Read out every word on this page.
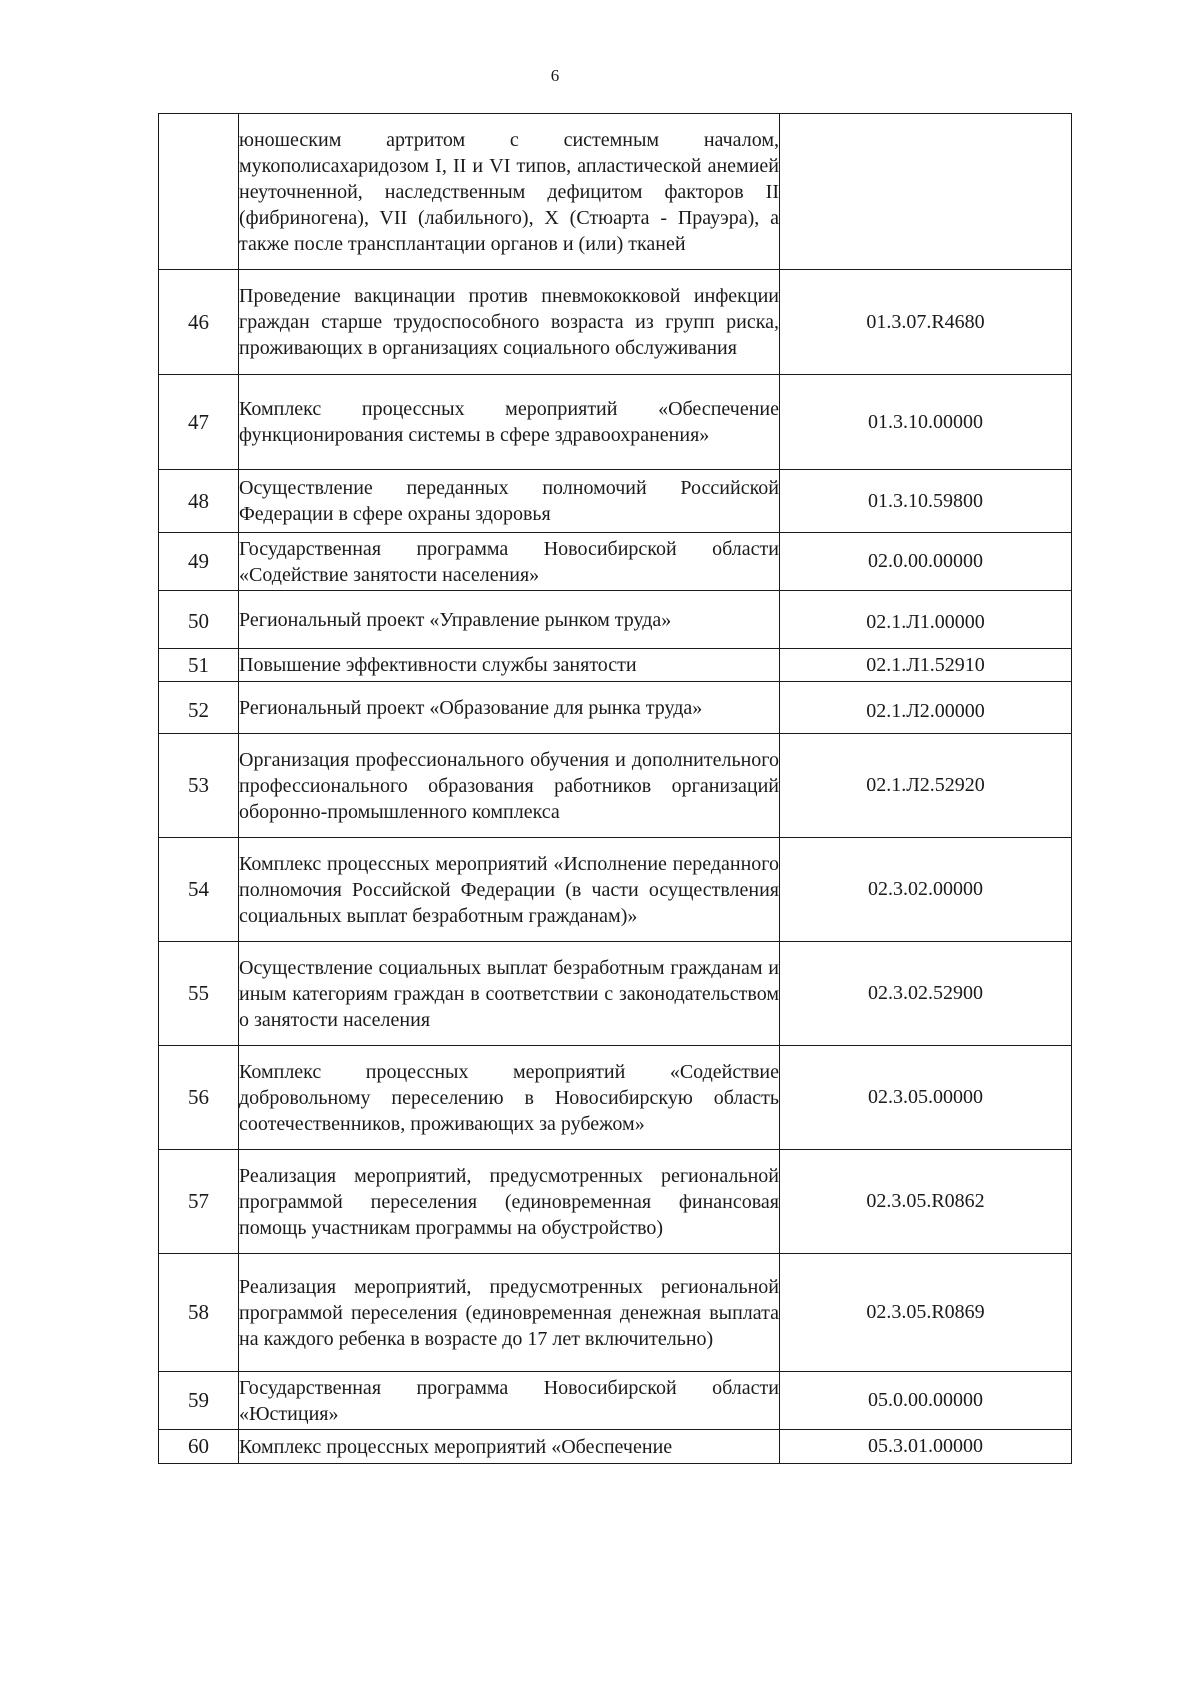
6

	юношеским артритом с системным началом, мукополисахаридозом I, II и VI типов, апластической анемией неуточненной, наследственным дефицитом факторов II (фибриногена), VII (лабильного), X (Стюарта - Прауэра), а также после трансплантации органов и (или) тканей	

46	Проведение вакцинации против пневмококковой инфекции граждан старше трудоспособного возраста из групп риска, проживающих в организациях социального обслуживания	01.3.07.R4680
47	Комплекс процессных мероприятий «Обеспечение функционирования системы в сфере здравоохранения»	01.3.10.00000
48	Осуществление переданных полномочий Российской Федерации в сфере охраны здоровья	01.3.10.59800
49	Государственная программа Новосибирской области «Содействие занятости населения»	02.0.00.00000
50	Региональный проект «Управление рынком труда»	02.1.Л1.00000
51	Повышение эффективности службы занятости	02.1.Л1.52910
52	Региональный проект «Образование для рынка труда»	02.1.Л2.00000
53	Организация профессионального обучения и дополнительного профессионального образования работников организаций оборонно-промышленного комплекса	02.1.Л2.52920
54	Комплекс процессных мероприятий «Исполнение переданного полномочия Российской Федерации (в части осуществления социальных выплат безработным гражданам)»	02.3.02.00000
55	Осуществление социальных выплат безработным гражданам и иным категориям граждан в соответствии с законодательством о занятости населения	02.3.02.52900
56	Комплекс процессных мероприятий «Содействие добровольному переселению в Новосибирскую область соотечественников, проживающих за рубежом»	02.3.05.00000
57	Реализация мероприятий, предусмотренных региональной программой переселения (единовременная финансовая помощь участникам программы на обустройство)	02.3.05.R0862
58	Реализация мероприятий, предусмотренных региональной программой переселения (единовременная денежная выплата на каждого ребенка в возрасте до 17 лет включительно)	02.3.05.R0869
59	Государственная программа Новосибирской области «Юстиция»	05.0.00.00000
60	Комплекс процессных мероприятий «Обеспечение	05.3.01.00000
